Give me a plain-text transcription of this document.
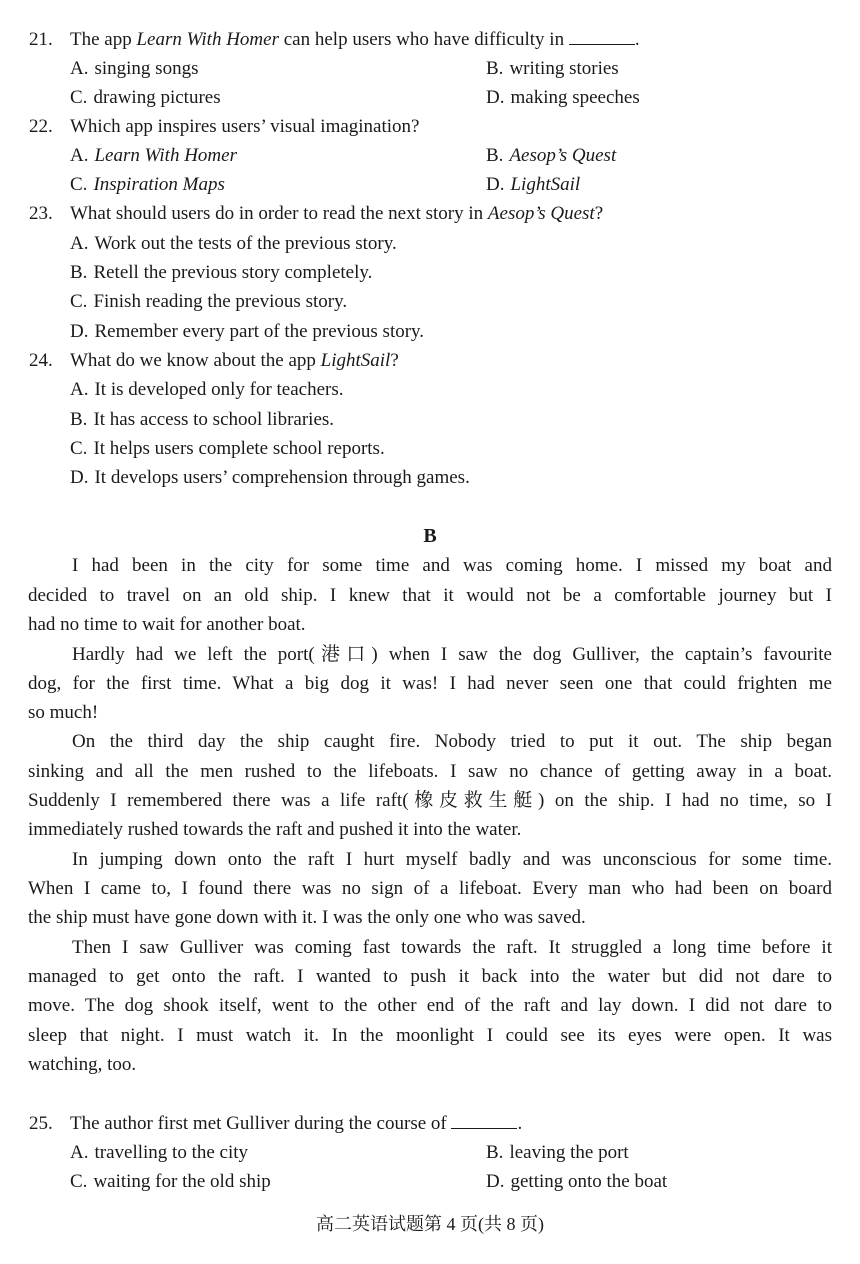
21. The app Learn With Homer can help users who have difficulty in	.
A. singing songs	B. writing stories
C. drawing pictures	D. making speeches
22. Which app inspires users’ visual imagination?
A. Learn With Homer	B. Aesop’s Quest
C. Inspiration Maps	D. LightSail
23. What should users do in order to read the next story in Aesop’s Quest?
A. Work out the tests of the previous story.
B. Retell the previous story completely.
C. Finish reading the previous story.
D. Remember every part of the previous story.
24. What do we know about the app LightSail?
A. It is developed only for teachers.
B. It has access to school libraries.
C. It helps users complete school reports.
D. It develops users’ comprehension through games.
B
I had been in the city for some time and was coming home. I missed my boat and
decided to travel on an old ship. I knew that it would not be a comfortable journey but I
had no time to wait for another boat.
Hardly had we left the port(港口) when I saw the dog Gulliver, the captain’s favourite
dog, for the first time. What a big dog it was! I had never seen one that could frighten me
so much!
On the third day the ship caught fire. Nobody tried to put it out. The ship began
sinking and all the men rushed to the lifeboats. I saw no chance of getting away in a boat.
Suddenly I remembered there was a life raft(橡皮救生艇) on the ship. I had no time, so I
immediately rushed towards the raft and pushed it into the water.
In jumping down onto the raft I hurt myself badly and was unconscious for some time.
When I came to, I found there was no sign of a lifeboat. Every man who had been on board
the ship must have gone down with it. I was the only one who was saved.
Then I saw Gulliver was coming fast towards the raft. It struggled a long time before it
managed to get onto the raft. I wanted to push it back into the water but did not dare to
move. The dog shook itself, went to the other end of the raft and lay down. I did not dare to
sleep that night. I must watch it. In the moonlight I could see its eyes were open. It was
watching, too.
25. The author first met Gulliver during the course of	.
A. travelling to the city	B. leaving the port
C. waiting for the old ship	D. getting onto the boat
高二英语试题第 4 页(共 8 页)
